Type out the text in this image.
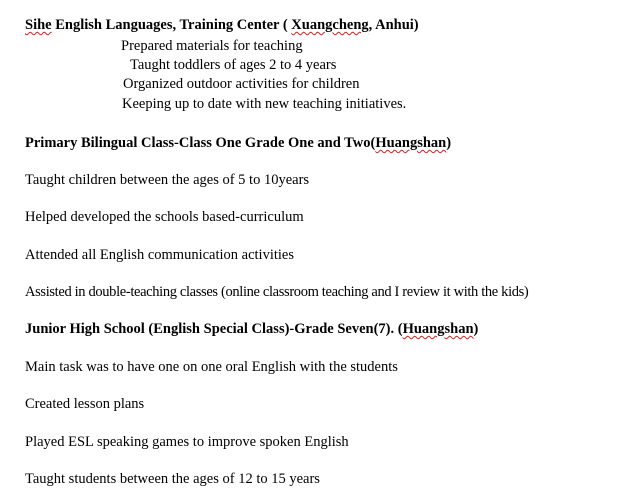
Sihe English Languages, Training Center ( Xuangcheng, Anhui)
Prepared materials for teaching
Taught toddlers of ages 2 to 4 years
Organized outdoor activities for children
Keeping up to date with new teaching initiatives.
Primary Bilingual Class-Class One Grade One and Two(Huangshan)
Taught children between the ages of 5 to 10years
Helped developed the schools based-curriculum
Attended all English communication activities
Assisted in double-teaching classes (online classroom teaching and I review it with the kids)
Junior High School (English Special Class)-Grade Seven(7). (Huangshan)
Main task was to have one on one oral English with the students
Created lesson plans
Played ESL speaking games to improve spoken English
Taught students between the ages of 12 to 15 years
